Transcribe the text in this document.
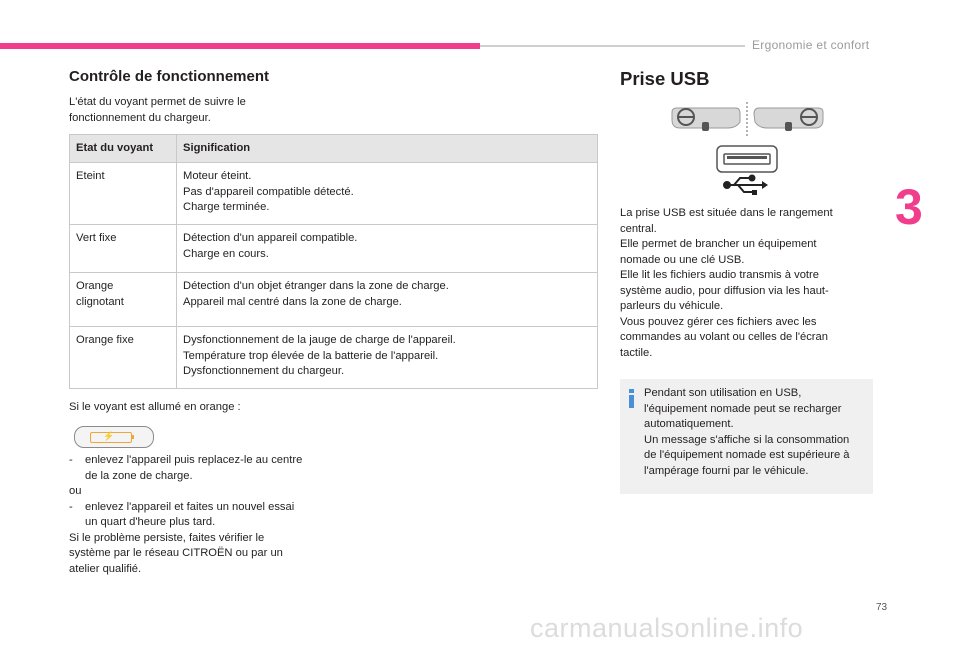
Ergonomie et confort
3
Contrôle de fonctionnement
L'état du voyant permet de suivre le
fonctionnement du chargeur.
Etat du voyant	Signification

Eteint	Moteur éteint.
Pas d'appareil compatible détecté.
Charge terminée.

Vert fixe	Détection d'un appareil compatible.
Charge en cours.

Orange
clignotant	Détection d'un objet étranger dans la zone de charge.
Appareil mal centré dans la zone de charge.

Orange fixe	Dysfonctionnement de la jauge de charge de l'appareil.
Température trop élevée de la batterie de l'appareil.
Dysfonctionnement du chargeur.
Si le voyant est allumé en orange :
⚡
- enlevez l'appareil puis replacez-le au centre
de la zone de charge.
ou
- enlevez l'appareil et faites un nouvel essai
un quart d'heure plus tard.
Si le problème persiste, faites vérifier le
système par le réseau CITROËN ou par un
atelier qualifié.
Prise USB
La prise USB est située dans le rangement
central.
Elle permet de brancher un équipement
nomade ou une clé USB.
Elle lit les fichiers audio transmis à votre
système audio, pour diffusion via les haut-
parleurs du véhicule.
Vous pouvez gérer ces fichiers avec les
commandes au volant ou celles de l'écran
tactile.
Pendant son utilisation en USB,
l'équipement nomade peut se recharger
automatiquement.
Un message s'affiche si la consommation
de l'équipement nomade est supérieure à
l'ampérage fourni par le véhicule.
73
carmanualsonline.info
